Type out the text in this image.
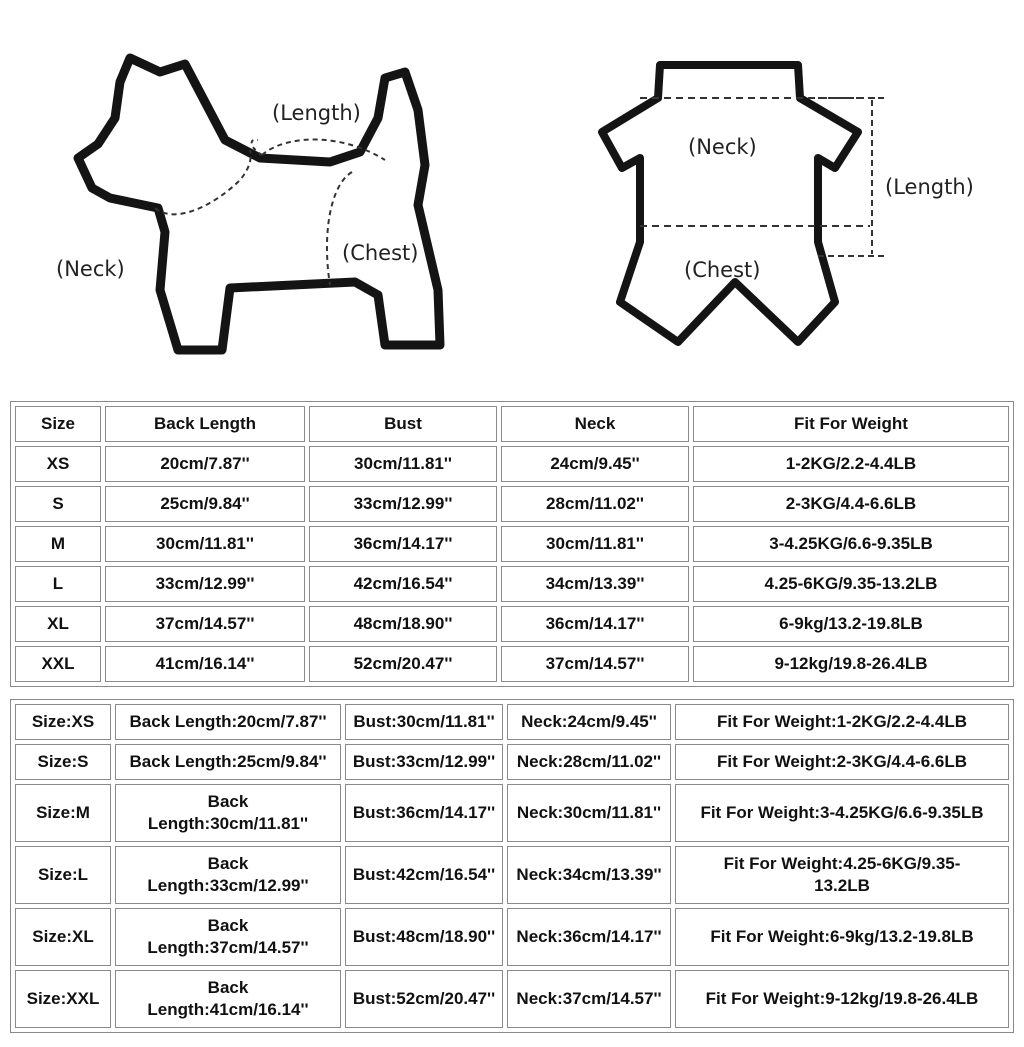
(Length)
(Chest)
(Neck)
(Neck)
(Length)
(Chest)
Size	Back Length	Bust	Neck	Fit For Weight
XS	20cm/7.87''	30cm/11.81''	24cm/9.45''	1-2KG/2.2-4.4LB
S	25cm/9.84''	33cm/12.99''	28cm/11.02''	2-3KG/4.4-6.6LB
M	30cm/11.81''	36cm/14.17''	30cm/11.81''	3-4.25KG/6.6-9.35LB
L	33cm/12.99''	42cm/16.54''	34cm/13.39''	4.25-6KG/9.35-13.2LB
XL	37cm/14.57''	48cm/18.90''	36cm/14.17''	6-9kg/13.2-19.8LB
XXL	41cm/16.14''	52cm/20.47''	37cm/14.57''	9-12kg/19.8-26.4LB
Size:XS	Back Length:20cm/7.87''	Bust:30cm/11.81''	Neck:24cm/9.45''	Fit For Weight:1-2KG/2.2-4.4LB
Size:S	Back Length:25cm/9.84''	Bust:33cm/12.99''	Neck:28cm/11.02''	Fit For Weight:2-3KG/4.4-6.6LB
Size:M	Back Length:30cm/11.81''	Bust:36cm/14.17''	Neck:30cm/11.81''	Fit For Weight:3-4.25KG/6.6-9.35LB
Size:L	Back Length:33cm/12.99''	Bust:42cm/16.54''	Neck:34cm/13.39''	Fit For Weight:4.25-6KG/9.35-13.2LB
Size:XL	Back Length:37cm/14.57''	Bust:48cm/18.90''	Neck:36cm/14.17''	Fit For Weight:6-9kg/13.2-19.8LB
Size:XXL	Back Length:41cm/16.14''	Bust:52cm/20.47''	Neck:37cm/14.57''	Fit For Weight:9-12kg/19.8-26.4LB
